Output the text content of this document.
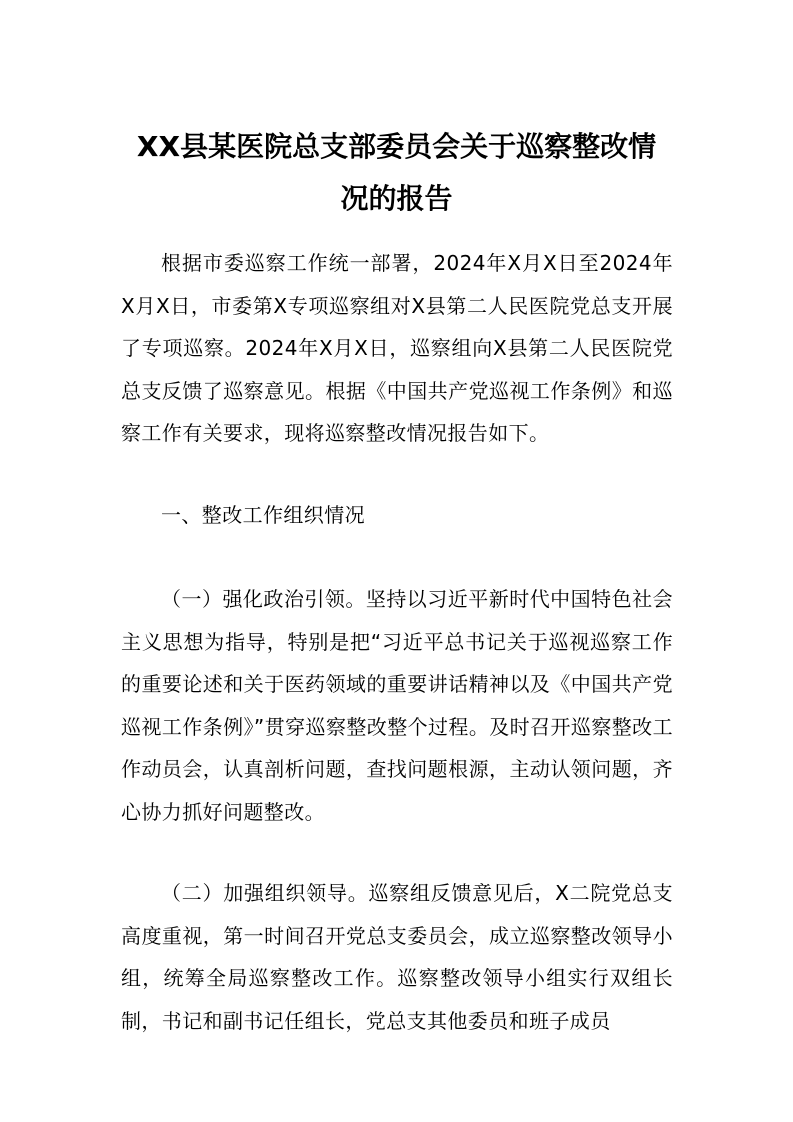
XX县某医院总支部委员会关于巡察整改情
况的报告

根据市委巡察工作统一部署，2024年X月X日至2024年X月X日，市委第X专项巡察组对X县第二人民医院党总支开展了专项巡察。2024年X月X日，巡察组向X县第二人民医院党总支反馈了巡察意见。根据《中国共产党巡视工作条例》和巡察工作有关要求，现将巡察整改情况报告如下。

一、整改工作组织情况

（一）强化政治引领。坚持以习近平新时代中国特色社会主义思想为指导，特别是把“习近平总书记关于巡视巡察工作的重要论述和关于医药领域的重要讲话精神以及《中国共产党巡视工作条例》”贯穿巡察整改整个过程。及时召开巡察整改工作动员会，认真剖析问题，查找问题根源，主动认领问题，齐心协力抓好问题整改。

（二）加强组织领导。巡察组反馈意见后，X二院党总支高度重视，第一时间召开党总支委员会，成立巡察整改领导小组，统筹全局巡察整改工作。巡察整改领导小组实行双组长制，书记和副书记任组长，党总支其他委员和班子成员
